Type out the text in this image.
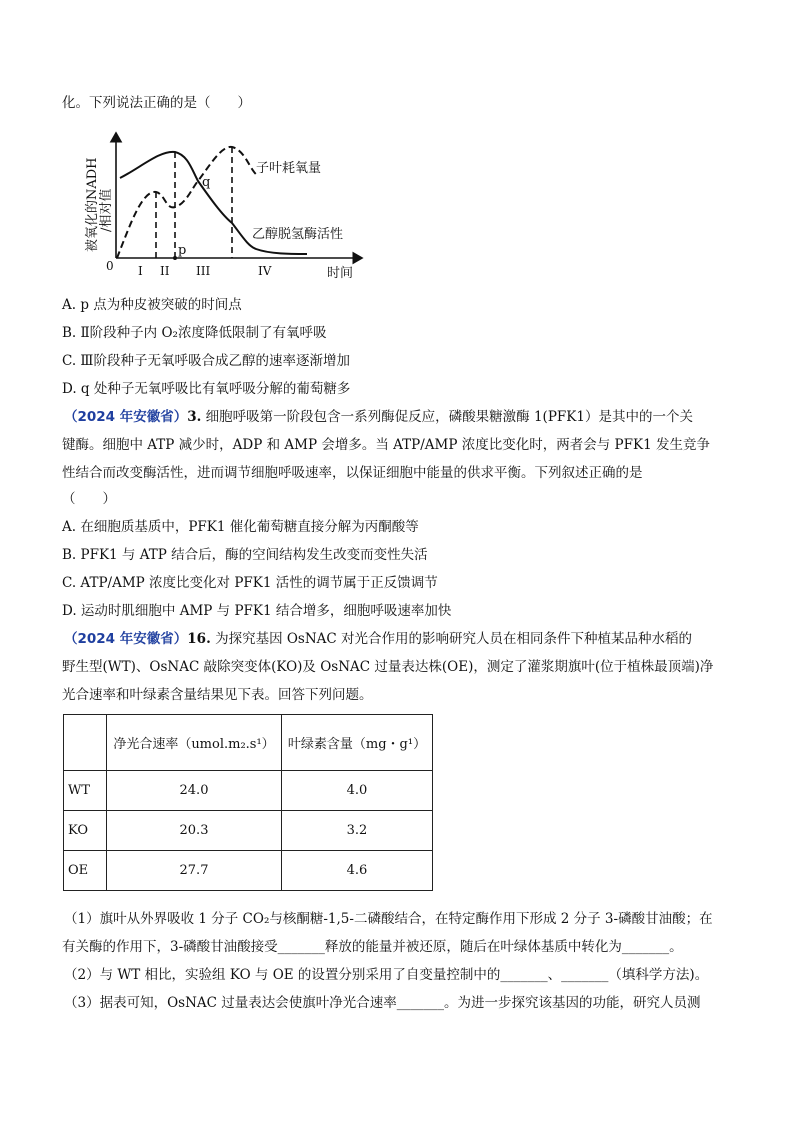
化。下列说法正确的是（　　）
0 I II III	IV	时间
p
q
子叶耗氧量
乙醇脱氢酶活性
被氧化的NADH /相对值
A. p 点为种皮被突破的时间点
B. Ⅱ阶段种子内 O₂浓度降低限制了有氧呼吸
C. Ⅲ阶段种子无氧呼吸合成乙醇的速率逐渐增加
D. q 处种子无氧呼吸比有氧呼吸分解的葡萄糖多
（2024 年安徽省）3. 细胞呼吸第一阶段包含一系列酶促反应，磷酸果糖激酶 1(PFK1）是其中的一个关
键酶。细胞中 ATP 减少时，ADP 和 AMP 会增多。当 ATP/AMP 浓度比变化时，两者会与 PFK1 发生竞争
性结合而改变酶活性，进而调节细胞呼吸速率，以保证细胞中能量的供求平衡。下列叙述正确的是
（　　）
A. 在细胞质基质中，PFK1 催化葡萄糖直接分解为丙酮酸等
B. PFK1 与 ATP 结合后，酶的空间结构发生改变而变性失活
C. ATP/AMP 浓度比变化对 PFK1 活性的调节属于正反馈调节
D. 运动时肌细胞中 AMP 与 PFK1 结合增多，细胞呼吸速率加快
（2024 年安徽省）16. 为探究基因 OsNAC 对光合作用的影响研究人员在相同条件下种植某品种水稻的
野生型(WT)、OsNAC 敲除突变体(KO)及 OsNAC 过量表达株(OE)，测定了灌浆期旗叶(位于植株最顶端)净
光合速率和叶绿素含量结果见下表。回答下列问题。
	净光合速率（umol.m₂.s¹）	叶绿素含量（mg・g¹）
WT	24.0	4.0
KO	20.3	3.2
OE	27.7	4.6
（1）旗叶从外界吸收 1 分子 CO₂与核酮糖-1,5-二磷酸结合，在特定酶作用下形成 2 分子 3-磷酸甘油酸；在
有关酶的作用下，3-磷酸甘油酸接受_______释放的能量并被还原，随后在叶绿体基质中转化为_______。
（2）与 WT 相比，实验组 KO 与 OE 的设置分别采用了自变量控制中的_______、_______（填科学方法)。
（3）据表可知，OsNAC 过量表达会使旗叶净光合速率_______。为进一步探究该基因的功能，研究人员测
